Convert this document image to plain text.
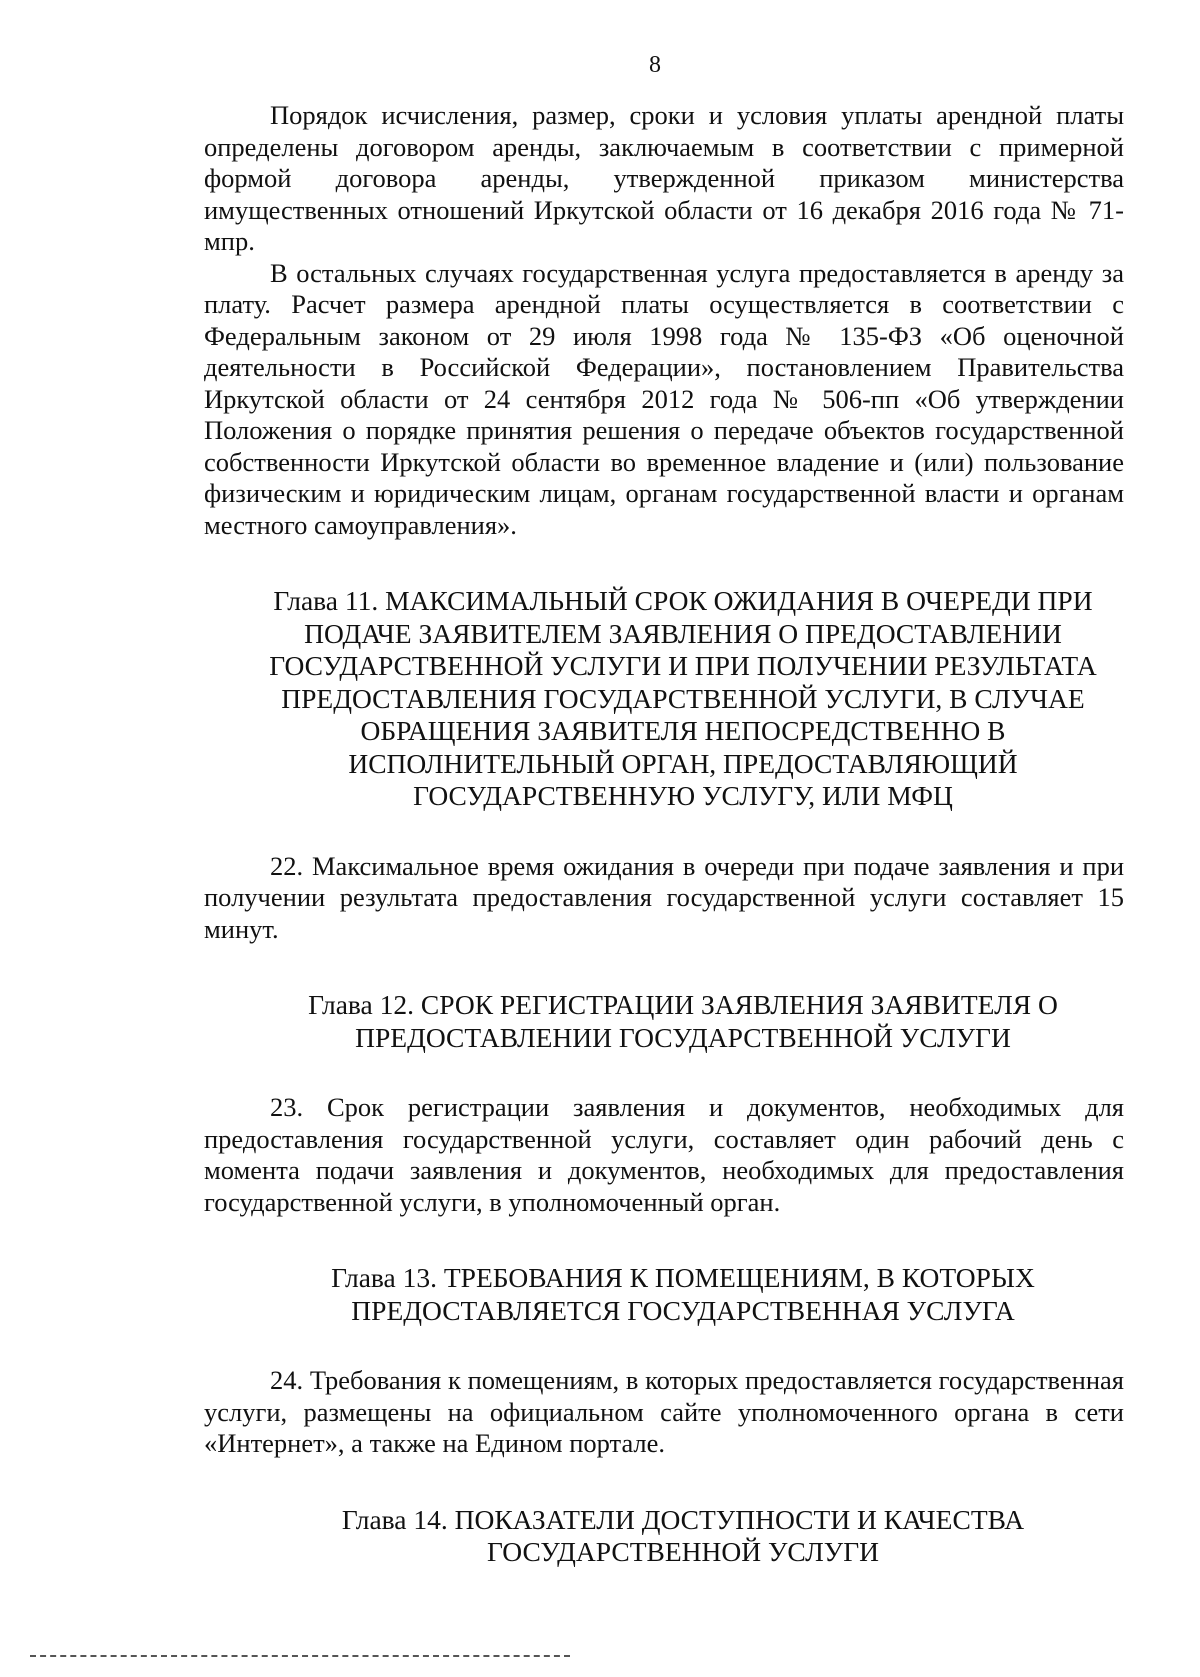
8

Порядок исчисления, размер, сроки и условия уплаты арендной платы определены договором аренды, заключаемым в соответствии с примерной формой договора аренды, утвержденной приказом министерства имущественных отношений Иркутской области от 16 декабря 2016 года № 71-мпр.

В остальных случаях государственная услуга предоставляется в аренду за плату. Расчет размера арендной платы осуществляется в соответствии с Федеральным законом от 29 июля 1998 года № 135-ФЗ «Об оценочной деятельности в Российской Федерации», постановлением Правительства Иркутской области от 24 сентября 2012 года № 506-пп «Об утверждении Положения о порядке принятия решения о передаче объектов государственной собственности Иркутской области во временное владение и (или) пользование физическим и юридическим лицам, органам государственной власти и органам местного самоуправления».

Глава 11. МАКСИМАЛЬНЫЙ СРОК ОЖИДАНИЯ В ОЧЕРЕДИ ПРИ ПОДАЧЕ ЗАЯВИТЕЛЕМ ЗАЯВЛЕНИЯ О ПРЕДОСТАВЛЕНИИ ГОСУДАРСТВЕННОЙ УСЛУГИ И ПРИ ПОЛУЧЕНИИ РЕЗУЛЬТАТА ПРЕДОСТАВЛЕНИЯ ГОСУДАРСТВЕННОЙ УСЛУГИ, В СЛУЧАЕ ОБРАЩЕНИЯ ЗАЯВИТЕЛЯ НЕПОСРЕДСТВЕННО В ИСПОЛНИТЕЛЬНЫЙ ОРГАН, ПРЕДОСТАВЛЯЮЩИЙ ГОСУДАРСТВЕННУЮ УСЛУГУ, ИЛИ МФЦ

22. Максимальное время ожидания в очереди при подаче заявления и при получении результата предоставления государственной услуги составляет 15 минут.

Глава 12. СРОК РЕГИСТРАЦИИ ЗАЯВЛЕНИЯ ЗАЯВИТЕЛЯ О ПРЕДОСТАВЛЕНИИ ГОСУДАРСТВЕННОЙ УСЛУГИ

23. Срок регистрации заявления и документов, необходимых для предоставления государственной услуги, составляет один рабочий день с момента подачи заявления и документов, необходимых для предоставления государственной услуги, в уполномоченный орган.

Глава 13. ТРЕБОВАНИЯ К ПОМЕЩЕНИЯМ, В КОТОРЫХ ПРЕДОСТАВЛЯЕТСЯ ГОСУДАРСТВЕННАЯ УСЛУГА

24. Требования к помещениям, в которых предоставляется государственная услуги, размещены на официальном сайте уполномоченного органа в сети «Интернет», а также на Едином портале.

Глава 14. ПОКАЗАТЕЛИ ДОСТУПНОСТИ И КАЧЕСТВА ГОСУДАРСТВЕННОЙ УСЛУГИ
